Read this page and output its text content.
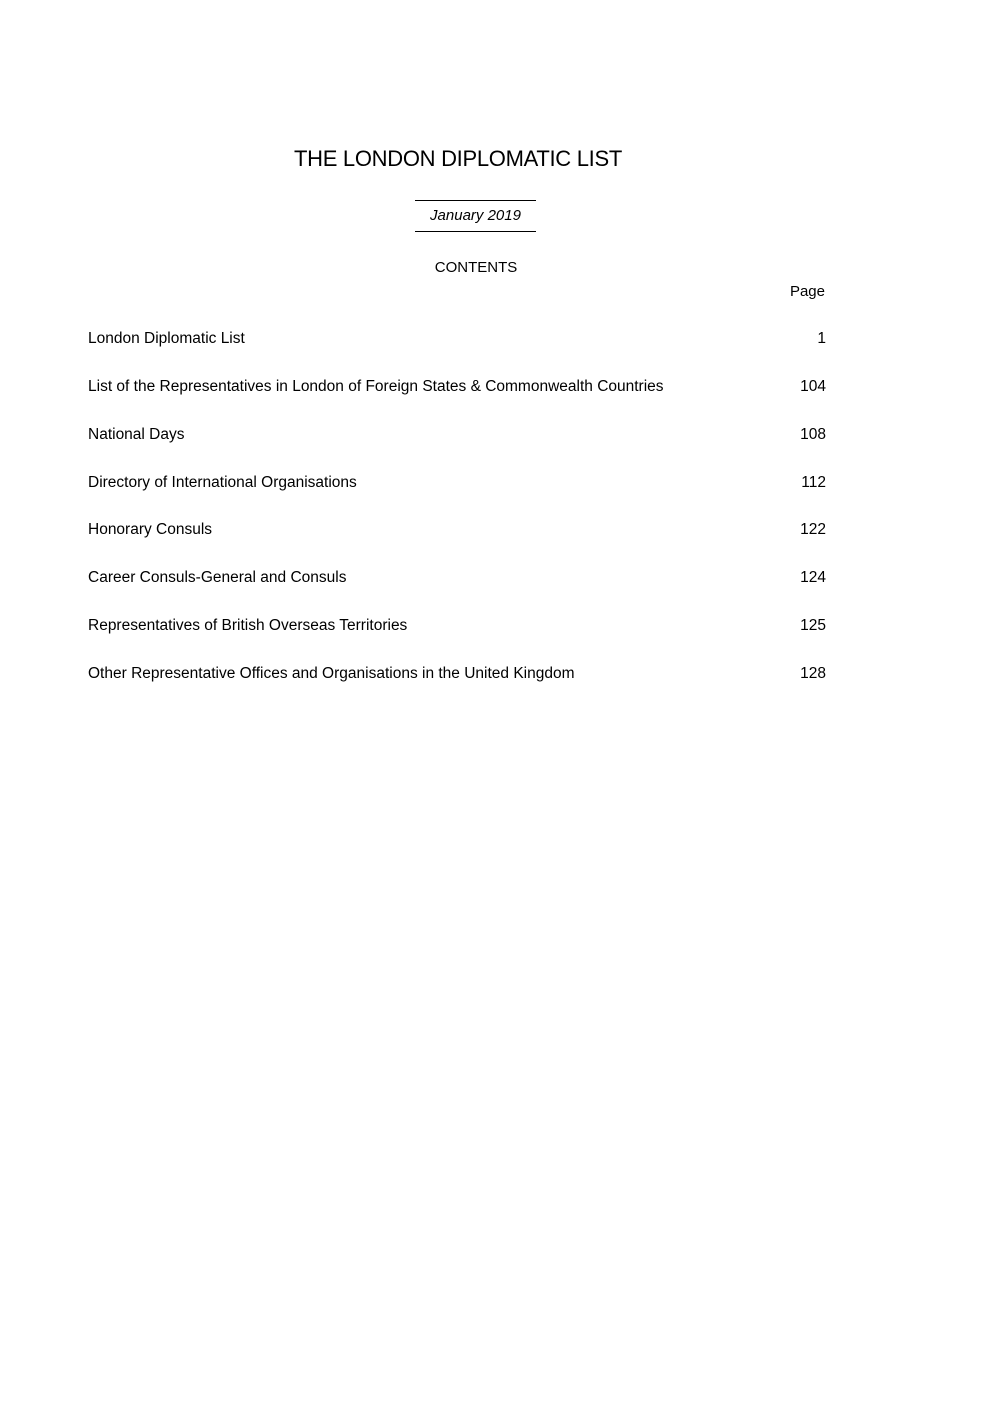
THE LONDON DIPLOMATIC LIST
January 2019
CONTENTS
Page
London Diplomatic List	1
List of the Representatives in London of Foreign States & Commonwealth Countries	104
National Days	108
Directory of International Organisations	112
Honorary Consuls	122
Career Consuls-General and Consuls	124
Representatives of British Overseas Territories	125
Other Representative Offices and Organisations in the United Kingdom	128
